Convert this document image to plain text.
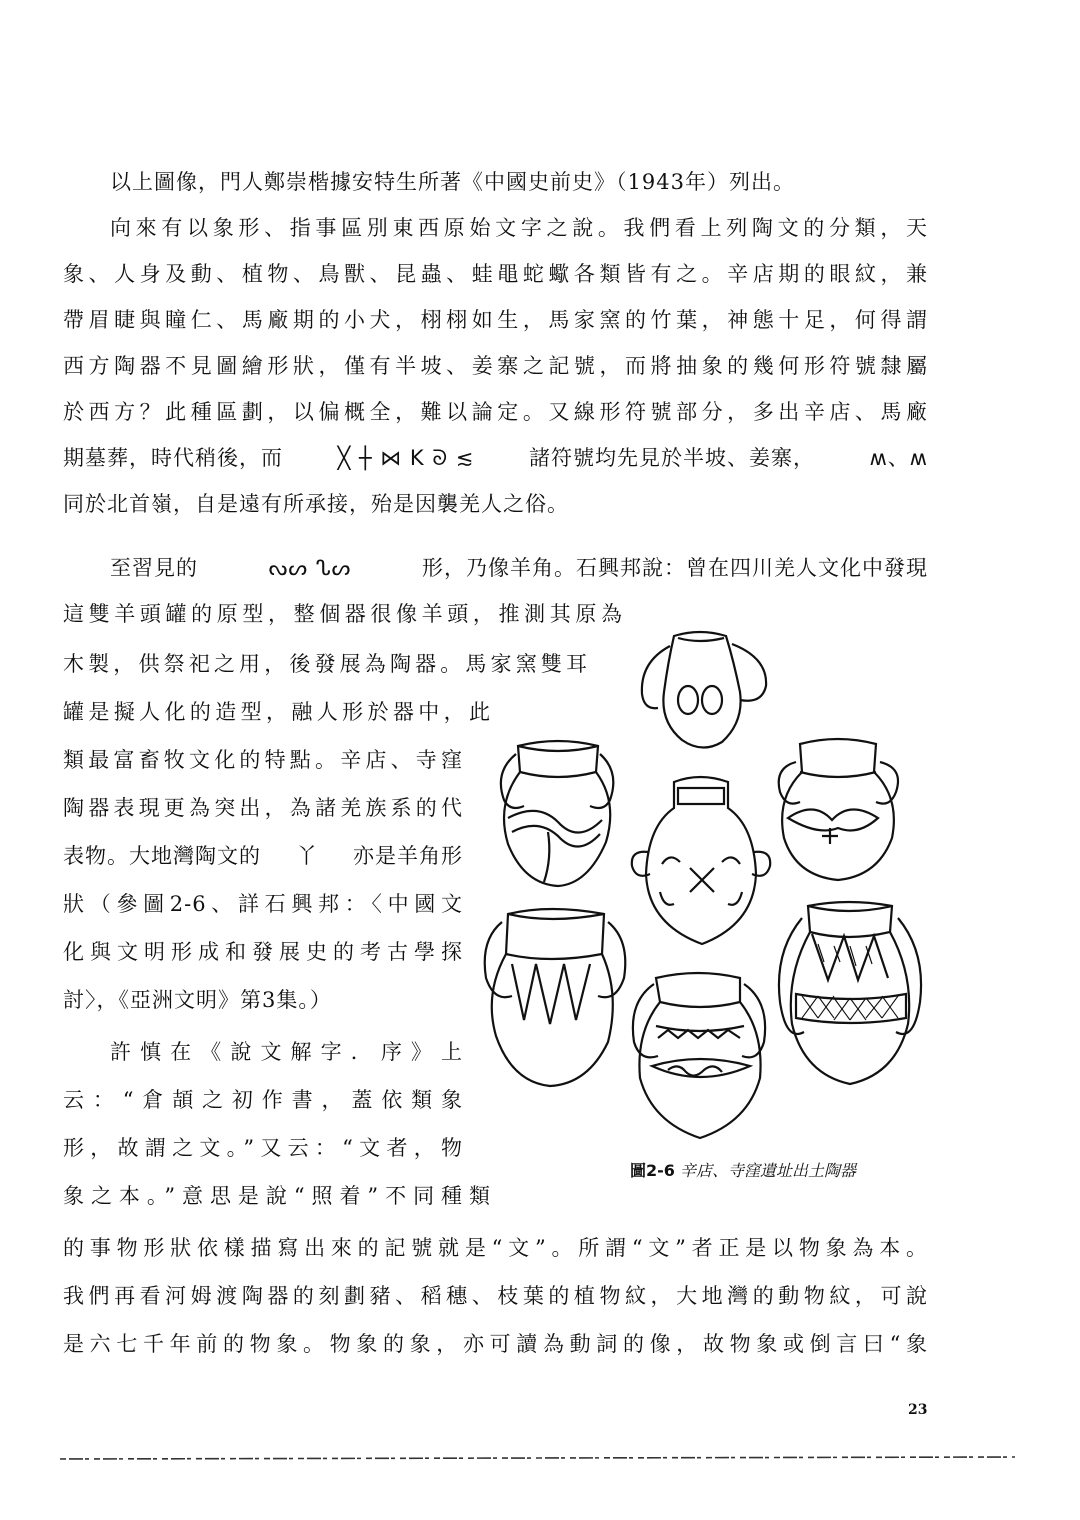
以上圖像，門人鄭崇楷據安特生所著《中國史前史》（1943年）列出。
向來有以象形、指事區別東西原始文字之說。我們看上列陶文的分類，天
象、人身及動、植物、鳥獸、昆蟲、蛙黽蛇蠍各類皆有之。辛店期的眼紋，兼
帶眉睫與瞳仁、馬廠期的小犬，栩栩如生，馬家窯的竹葉，神態十足，何得謂
西方陶器不見圖繪形狀，僅有半坡、姜寨之記號，而將抽象的幾何形符號隸屬
於西方？此種區劃，以偏概全，難以論定。又線形符號部分，多出辛店、馬廠
期墓葬，時代稍後，而	╳ ┼ ⋈ K ᘐ ≲	諸符號均先見於半坡、姜寨，	ʍ、ʍ
同於北首嶺，自是遠有所承接，殆是因襲羌人之俗。
至習見的	ᔓᔕ ᔐᔕ	形，乃像羊角。石興邦說：曾在四川羌人文化中發現
這雙羊頭罐的原型，整個器很像羊頭，推測其原為
木製，供祭祀之用，後發展為陶器。馬家窯雙耳
罐是擬人化的造型，融人形於器中，此
類最富畜牧文化的特點。辛店、寺窪
陶器表現更為突出，為諸羌族系的代
表物。大地灣陶文的 丫 亦是羊角形
狀（參圖2-6、詳石興邦：〈中國文
化與文明形成和發展史的考古學探
討〉，《亞洲文明》第3集。）
許慎在《說文解字．序》上
云：“倉頡之初作書，蓋依類象
形，故謂之文。”又云：“文者，物
象之本。”意思是說“照着”不同種類
的事物形狀依樣描寫出來的記號就是“文”。所謂“文”者正是以物象為本。
我們再看河姆渡陶器的刻劃豬、稻穗、枝葉的植物紋，大地灣的動物紋，可說
是六七千年前的物象。物象的象，亦可讀為動詞的像，故物象或倒言曰“象
圖2-6 辛店、寺窪遺址出土陶器
23
